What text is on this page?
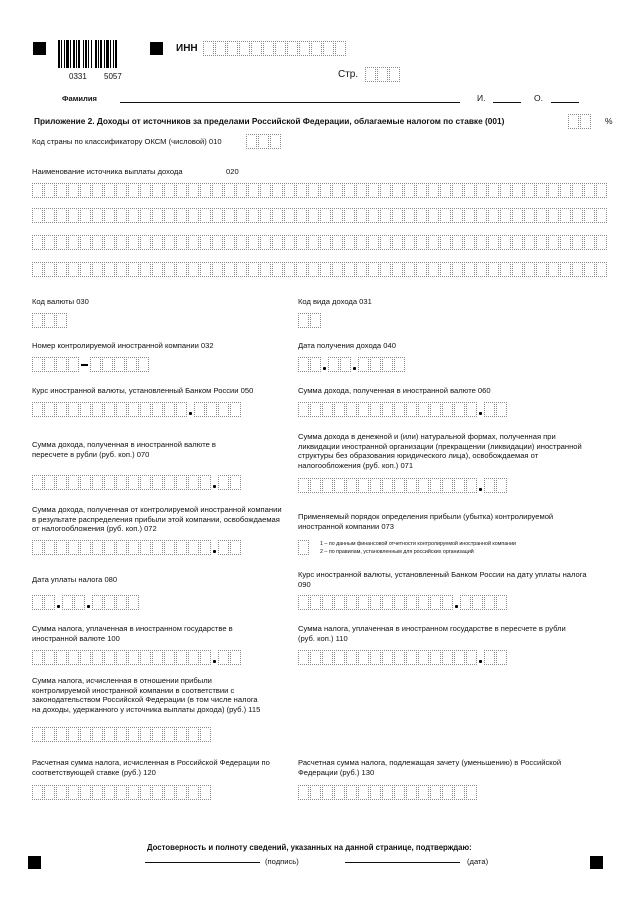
0331 5057
ИНН
Стр.
Фамилия	И.	О.
Приложение 2. Доходы от источников за пределами Российской Федерации, облагаемые налогом по ставке (001)	%
Код страны по классификатору ОКСМ (числовой) 010
Наименование источника выплаты дохода	020
Код валюты 030	Код вида дохода 031
Номер контролируемой иностранной компании 032	Дата получения дохода 040
Курс иностранной валюты, установленный Банком России 050	Сумма дохода, полученная в иностранной валюте 060
Сумма дохода, полученная в иностранной валюте в пересчете в рубли (руб. коп.) 070
Сумма дохода в денежной и (или) натуральной формах, полученная при ликвидации иностранной организации (прекращении (ликвидации) иностранной структуры без образования юридического лица), освобождаемая от налогообложения (руб. коп.) 071
Сумма дохода, полученная от контролируемой иностранной компании в результате распределения прибыли этой компании, освобождаемая от налогообложения (руб. коп.) 072
Применяемый порядок определения прибыли (убытка) контролируемой иностранной компании 073
1 – по данным финансовой отчетности контролируемой иностранной компании
2 – по правилам, установленным для российских организаций
Дата уплаты налога 080
Курс иностранной валюты, установленный Банком России на дату уплаты налога 090
Сумма налога, уплаченная в иностранном государстве в иностранной валюте 100
Сумма налога, уплаченная в иностранном государстве в пересчете в рубли (руб. коп.) 110
Сумма налога, исчисленная в отношении прибыли контролируемой иностранной компании в соответствии с законодательством Российской Федерации (в том числе налога на доходы, удержанного у источника выплаты дохода) (руб.) 115
Расчетная сумма налога, исчисленная в Российской Федерации по соответствующей ставке (руб.) 120
Расчетная сумма налога, подлежащая зачету (уменьшению) в Российской Федерации (руб.) 130
Достоверность и полноту сведений, указанных на данной странице, подтверждаю:
(подпись)	(дата)
